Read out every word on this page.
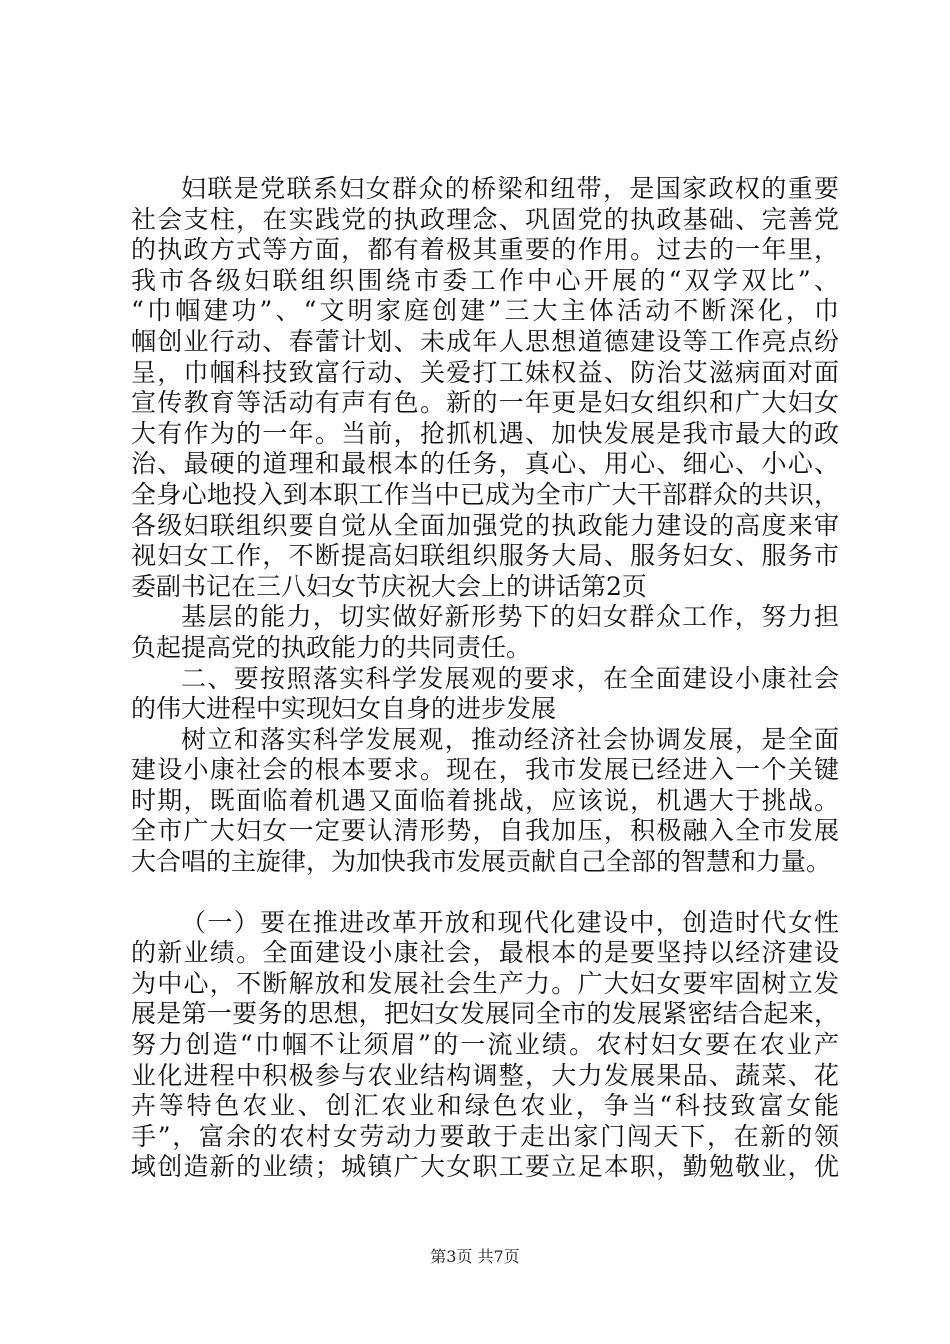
妇联是党联系妇女群众的桥梁和纽带，是国家政权的重要
社会支柱，在实践党的执政理念、巩固党的执政基础、完善党
的执政方式等方面，都有着极其重要的作用。过去的一年里，
我市各级妇联组织围绕市委工作中心开展的“双学双比”、
“巾帼建功”、“文明家庭创建”三大主体活动不断深化，巾
帼创业行动、春蕾计划、未成年人思想道德建设等工作亮点纷
呈，巾帼科技致富行动、关爱打工妹权益、防治艾滋病面对面
宣传教育等活动有声有色。新的一年更是妇女组织和广大妇女
大有作为的一年。当前，抢抓机遇、加快发展是我市最大的政
治、最硬的道理和最根本的任务，真心、用心、细心、小心、
全身心地投入到本职工作当中已成为全市广大干部群众的共识，
各级妇联组织要自觉从全面加强党的执政能力建设的高度来审
视妇女工作，不断提高妇联组织服务大局、服务妇女、服务市
委副书记在三八妇女节庆祝大会上的讲话第2页
基层的能力，切实做好新形势下的妇女群众工作，努力担
负起提高党的执政能力的共同责任。
二、要按照落实科学发展观的要求，在全面建设小康社会
的伟大进程中实现妇女自身的进步发展
树立和落实科学发展观，推动经济社会协调发展，是全面
建设小康社会的根本要求。现在，我市发展已经进入一个关键
时期，既面临着机遇又面临着挑战，应该说，机遇大于挑战。
全市广大妇女一定要认清形势，自我加压，积极融入全市发展
大合唱的主旋律，为加快我市发展贡献自己全部的智慧和力量。
（一）要在推进改革开放和现代化建设中，创造时代女性
的新业绩。全面建设小康社会，最根本的是要坚持以经济建设
为中心，不断解放和发展社会生产力。广大妇女要牢固树立发
展是第一要务的思想，把妇女发展同全市的发展紧密结合起来，
努力创造“巾帼不让须眉”的一流业绩。农村妇女要在农业产
业化进程中积极参与农业结构调整，大力发展果品、蔬菜、花
卉等特色农业、创汇农业和绿色农业，争当“科技致富女能
手”，富余的农村女劳动力要敢于走出家门闯天下，在新的领
域创造新的业绩；城镇广大女职工要立足本职，勤勉敬业，优
第3页 共7页
